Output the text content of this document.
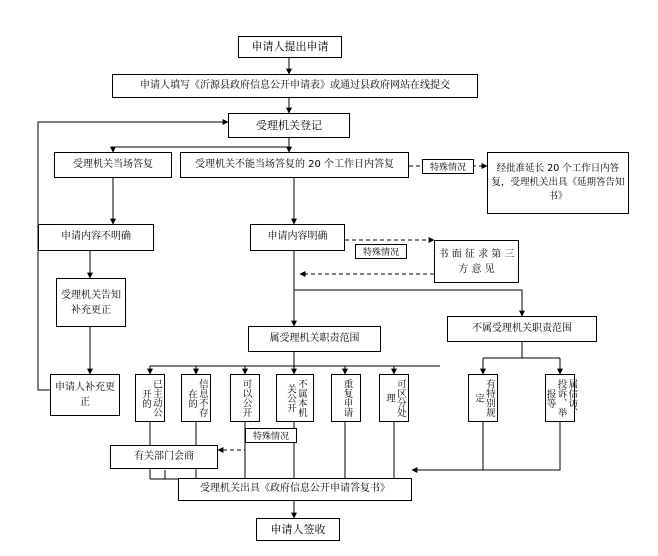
申请人提出申请
申请人填写《沂源县政府信息公开申请表》或通过县政府网站在线提交
受理机关登记
受理机关当场答复	受理机关不能当场答复的 20 个工作日内答复	经批准延长 20 个工作日内答复，受理机关出具《延期答告知书》
申请内容不明确	申请内容明确
书 面 征 求 第 三 方 意 见
受理机关告知补充更正
申请人补充更正
属受理机关职责范围
不属受理机关职责范围
已主动公开的	信息不存在的	可以公开	不属本机关公开	重复申请	可区分处理	有特别规定	属信访、投诉、举报等
有关部门会商
受理机关出具《政府信息公开申请答复书》
申请人签收
特殊情况
特殊情况
特殊情况
